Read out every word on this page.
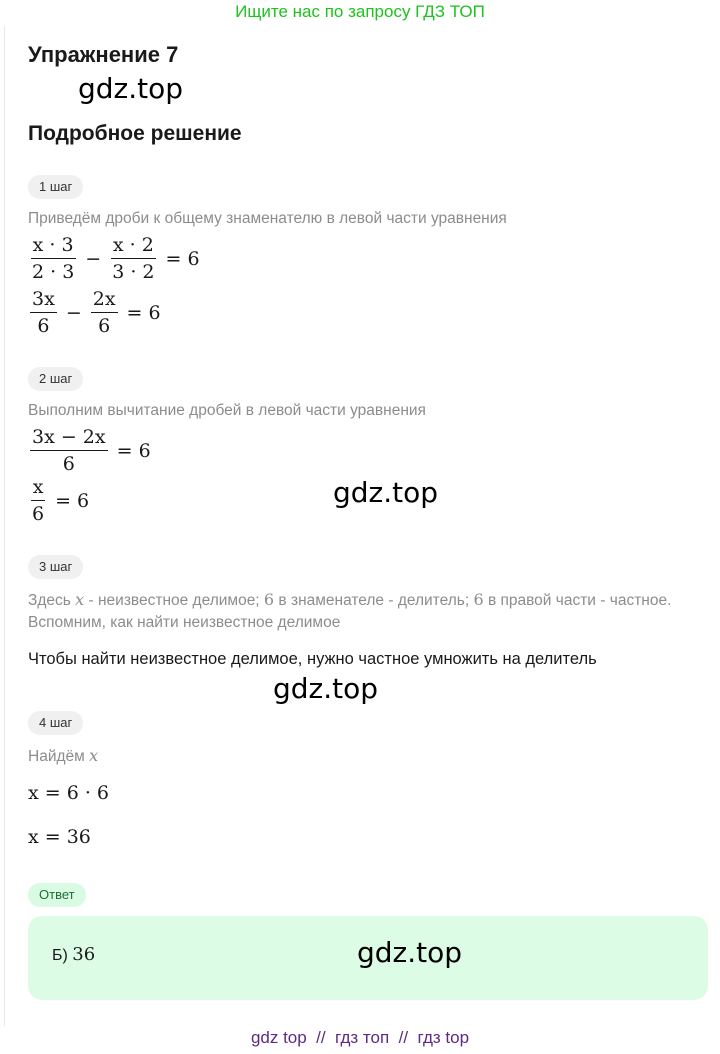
Ищите нас по запросу ГДЗ ТОП
Упражнение 7
gdz.top
Подробное решение
1 шаг
Приведём дроби к общему знаменателю в левой части уравнения
$\frac{x \cdot 3}{2 \cdot 3} - \frac{x \cdot 2}{3 \cdot 2} = 6$
$\frac{3x}{6} - \frac{2x}{6} = 6$
2 шаг
Выполним вычитание дробей в левой части уравнения
$\frac{3x - 2x}{6} = 6$
$\frac{x}{6} = 6$	gdz.top
3 шаг
Здесь x - неизвестное делимое; 6 в знаменателе - делитель; 6 в правой части - частное.
Вспомним, как найти неизвестное делимое
Чтобы найти неизвестное делимое, нужно частное умножить на делитель
gdz.top
4 шаг
Найдём x
x = 6 · 6
x = 36
Ответ
Б) 36	gdz.top
gdz top  //  гдз топ  //  гдз top
